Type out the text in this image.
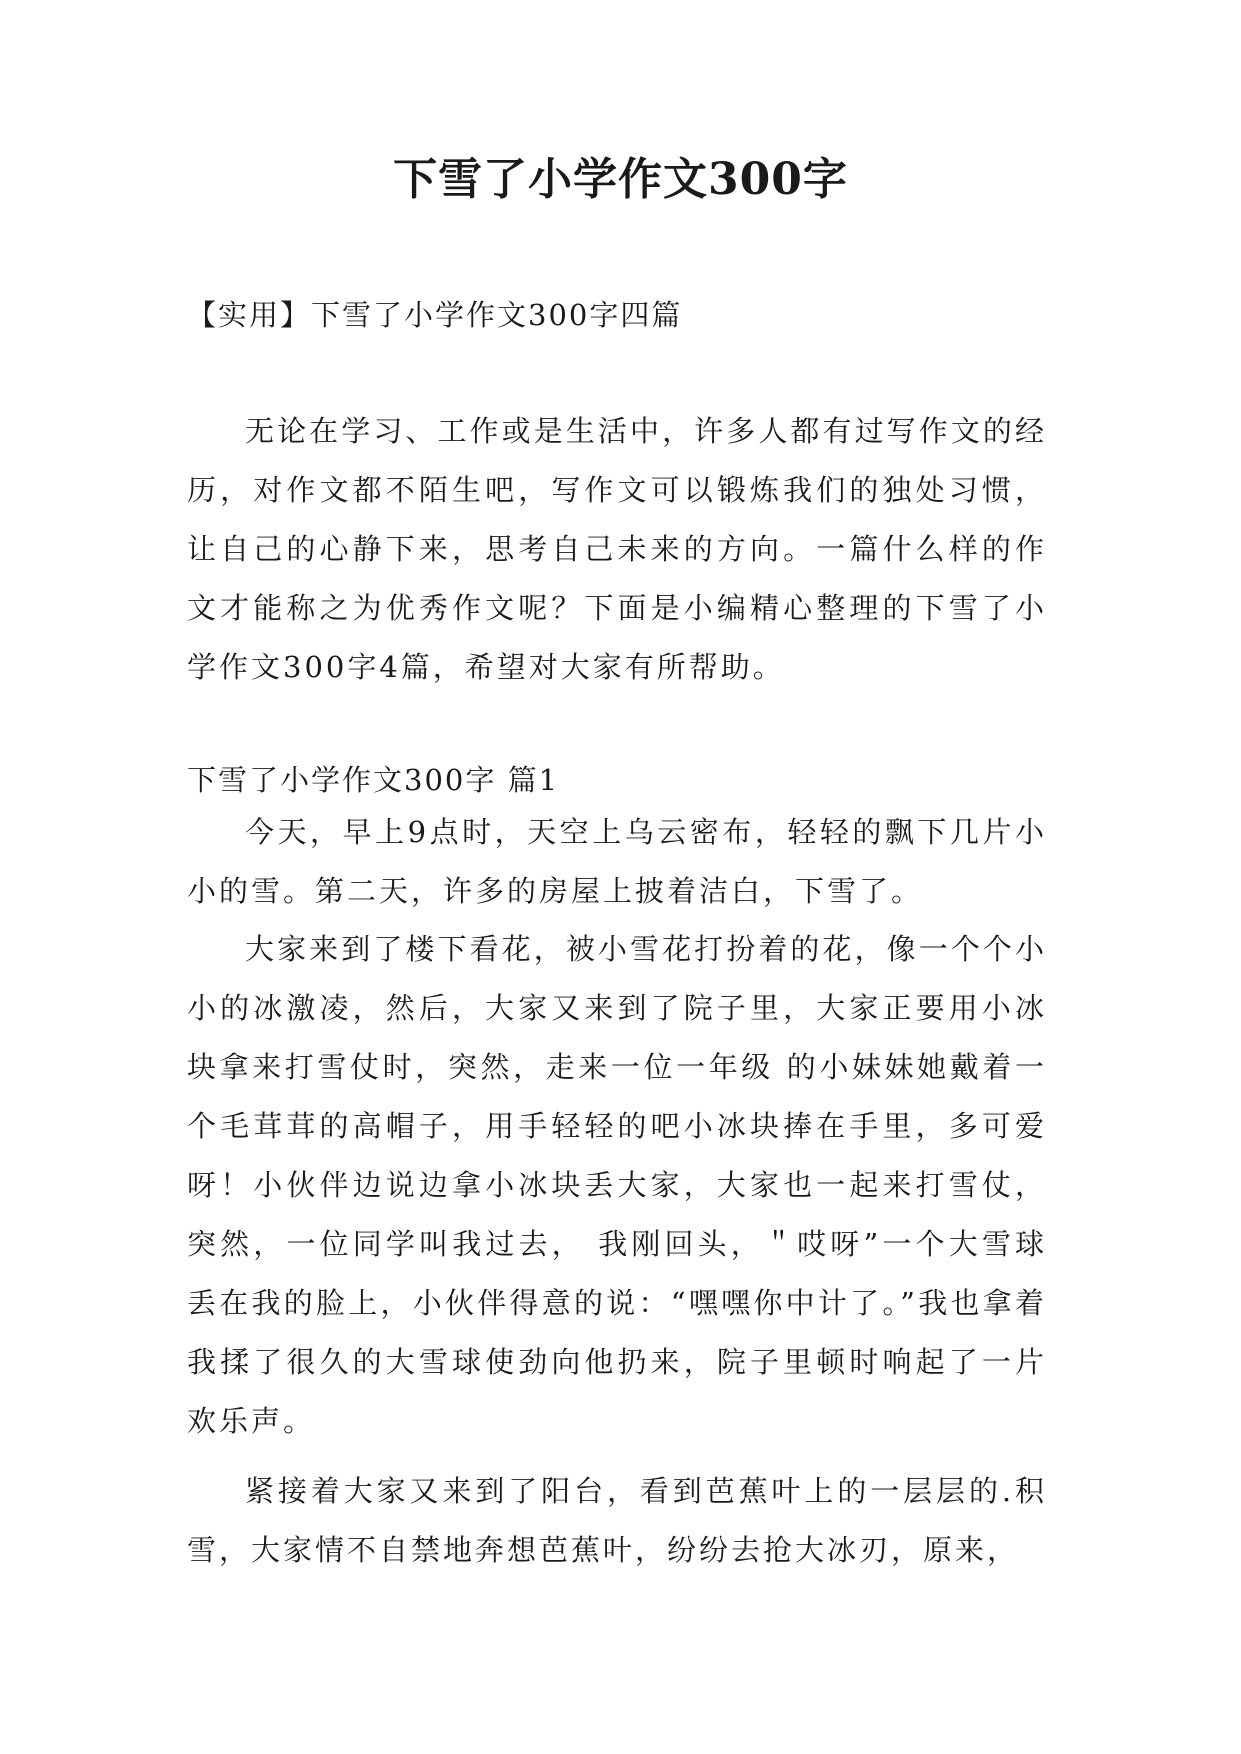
下雪了小学作文300字
【实用】下雪了小学作文300字四篇

无论在学习、工作或是生活中，许多人都有过写作文的经历，对作文都不陌生吧，写作文可以锻炼我们的独处习惯，让自己的心静下来，思考自己未来的方向。一篇什么样的作文才能称之为优秀作文呢？下面是小编精心整理的下雪了小学作文300字4篇，希望对大家有所帮助。

下雪了小学作文300字 篇1

今天，早上9点时，天空上乌云密布，轻轻的飘下几片小小的雪。第二天，许多的房屋上披着洁白，下雪了。

大家来到了楼下看花，被小雪花打扮着的花，像一个个小小的冰激凌，然后，大家又来到了院子里，大家正要用小冰块拿来打雪仗时，突然，走来一位一年级 的小妹妹她戴着一个毛茸茸的高帽子，用手轻轻的吧小冰块捧在手里，多可爱呀！小伙伴边说边拿小冰块丢大家，大家也一起来打雪仗，突然，一位同学叫我过去， 我刚回头，＂哎呀”一个大雪球丢在我的脸上，小伙伴得意的说：“嘿嘿你中计了。”我也拿着我揉了很久的大雪球使劲向他扔来，院子里顿时响起了一片欢乐声。

紧接着大家又来到了阳台，看到芭蕉叶上的一层层的.积雪，大家情不自禁地奔想芭蕉叶，纷纷去抢大冰刃，原来，
